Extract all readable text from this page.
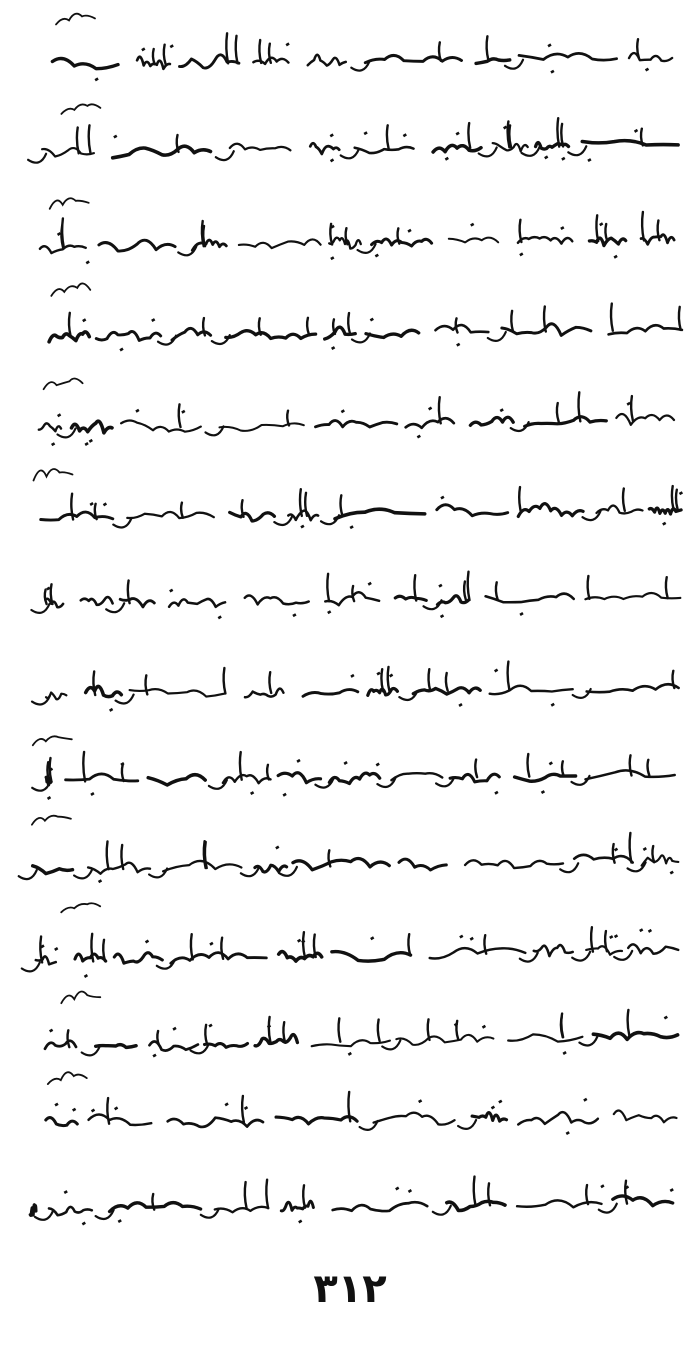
٣١٢
